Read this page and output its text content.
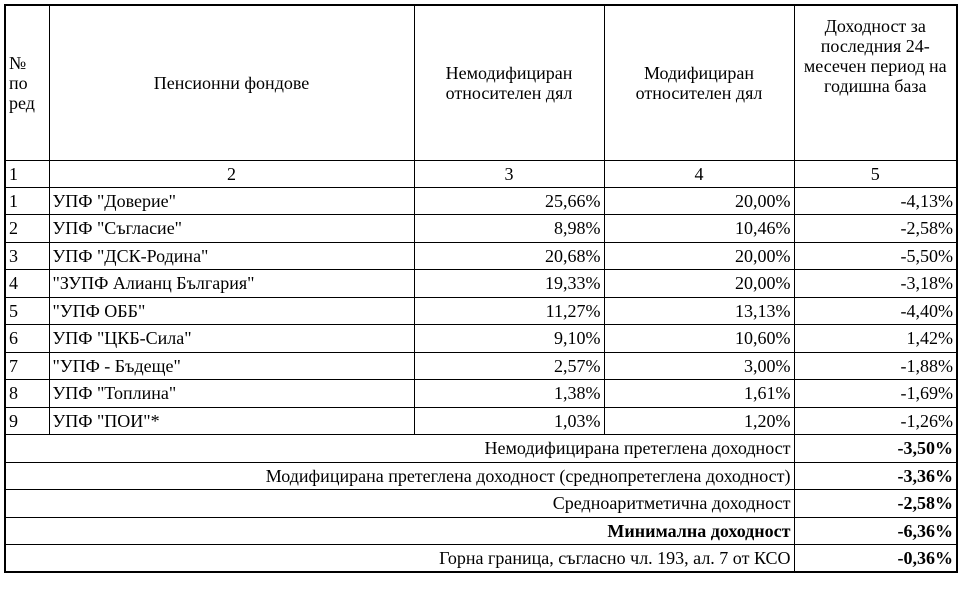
№ по ред	Пенсионни фондове	Немодифициран относителен дял	Модифициран относителен дял	Доходност за последния 24-месечен период на годишна база
1	2	3	4	5
1	УПФ "Доверие"	25,66%	20,00%	-4,13%
2	УПФ "Съгласие"	8,98%	10,46%	-2,58%
3	УПФ "ДСК-Родина"	20,68%	20,00%	-5,50%
4	"ЗУПФ Алианц България"	19,33%	20,00%	-3,18%
5	"УПФ ОББ"	11,27%	13,13%	-4,40%
6	УПФ "ЦКБ-Сила"	9,10%	10,60%	1,42%
7	"УПФ - Бъдеще"	2,57%	3,00%	-1,88%
8	УПФ "Топлина"	1,38%	1,61%	-1,69%
9	УПФ "ПОИ"*	1,03%	1,20%	-1,26%
Немодифицирана претеглена доходност				-3,50%
Модифицирана претеглена доходност (среднопретеглена доходност)				-3,36%
Средноаритметична доходност				-2,58%
Минимална доходност				-6,36%
Горна граница, съгласно чл. 193, ал. 7 от КСО				-0,36%
